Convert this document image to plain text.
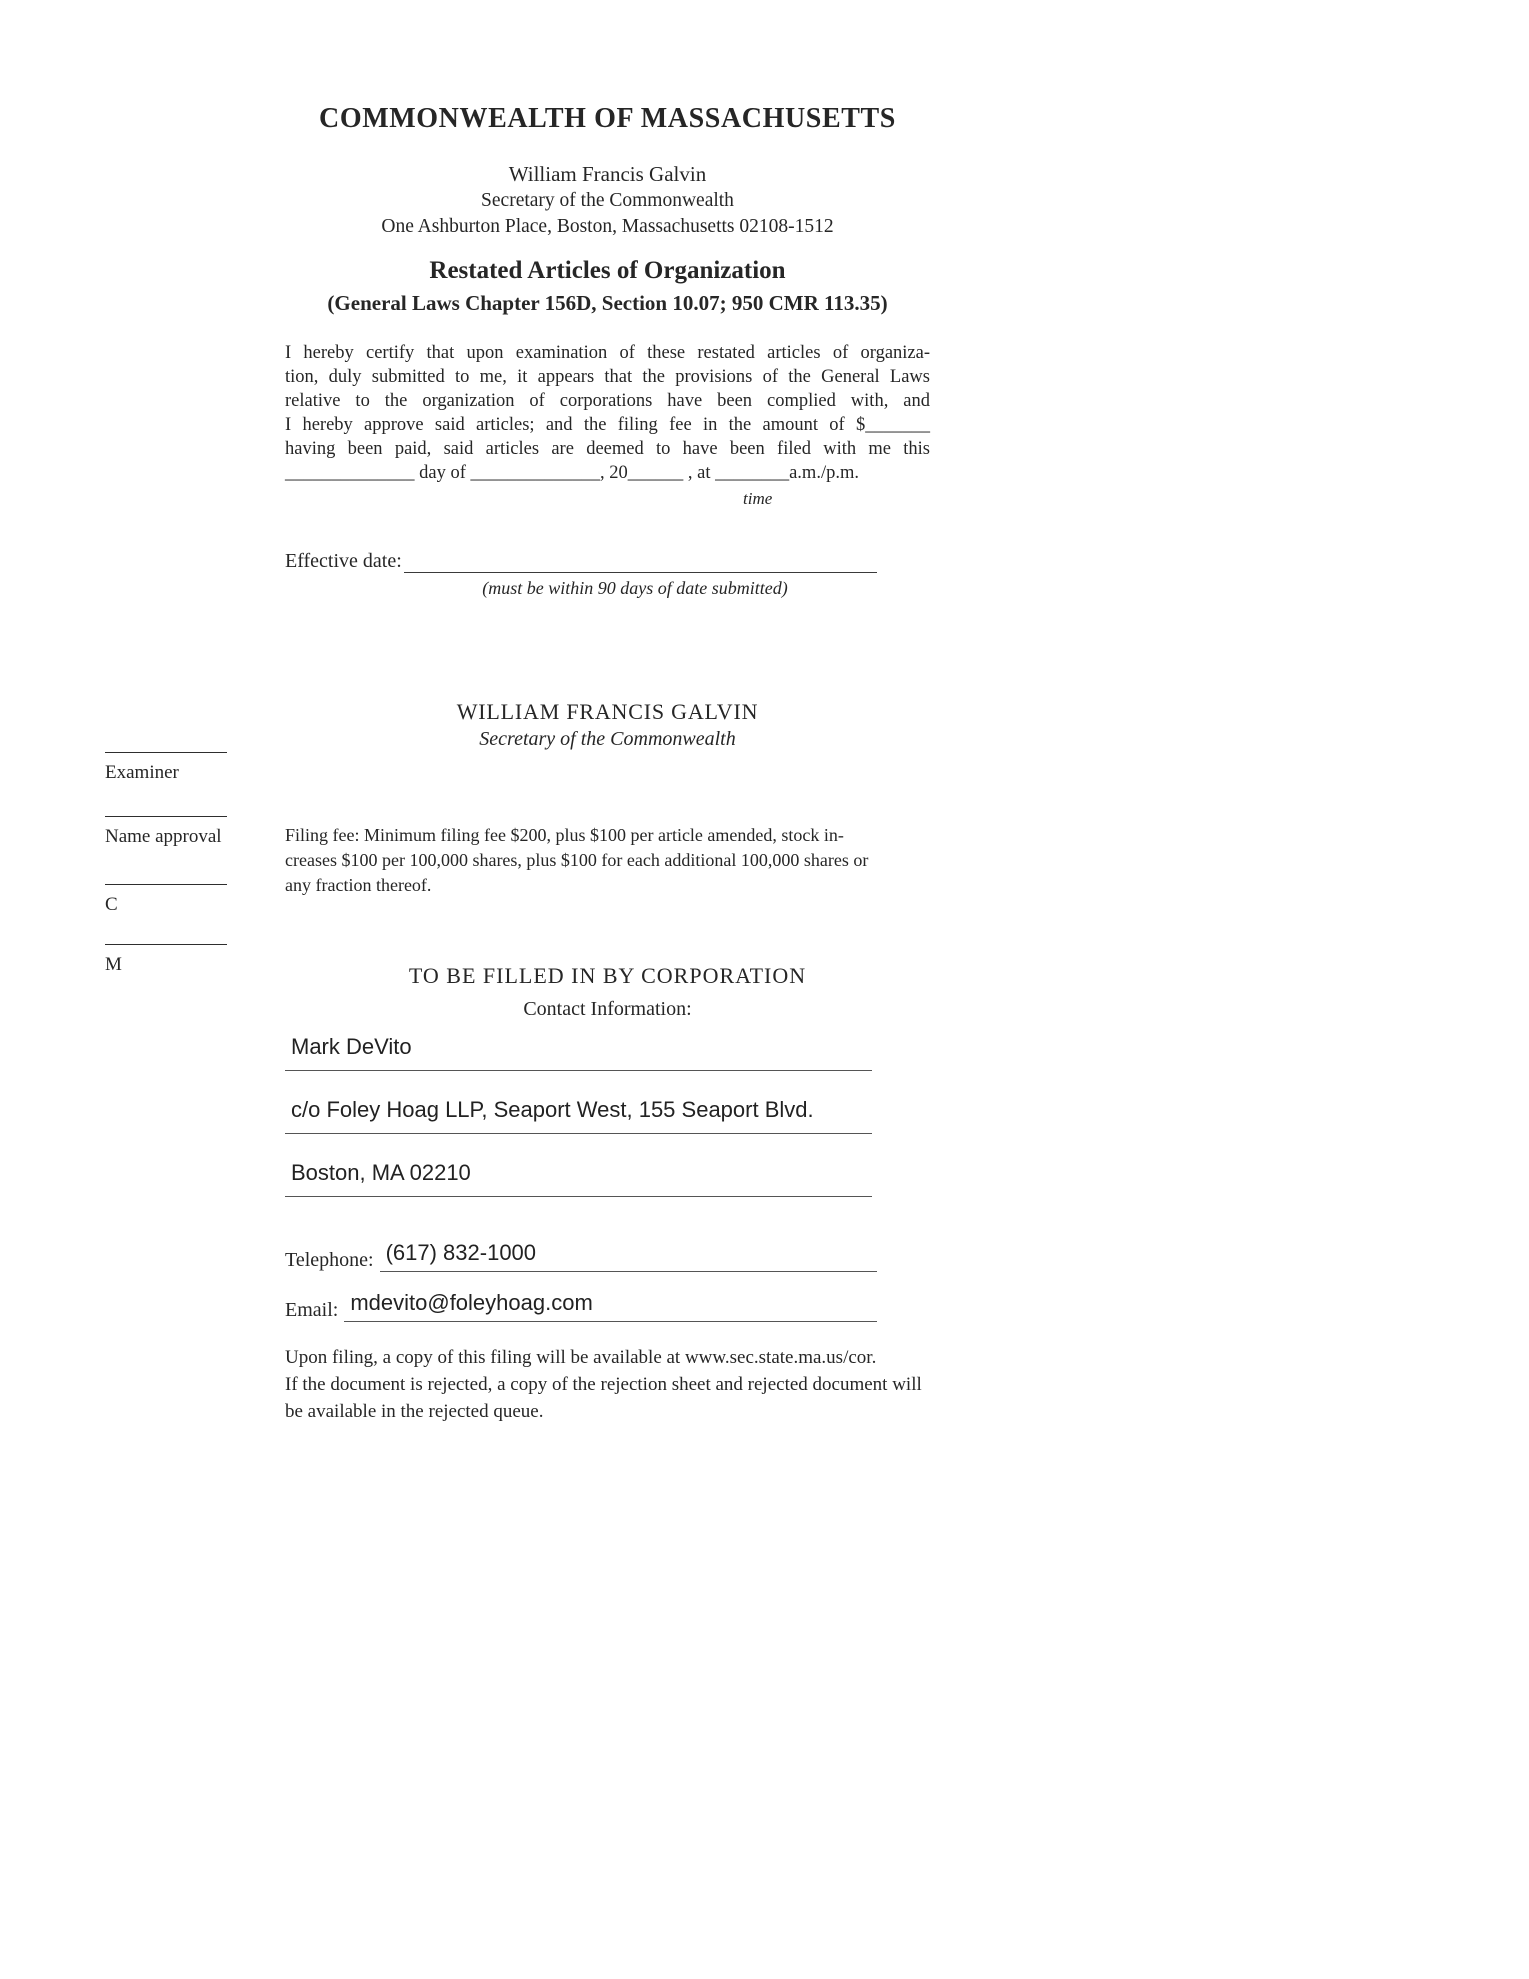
COMMONWEALTH OF MASSACHUSETTS
William Francis Galvin
Secretary of the Commonwealth
One Ashburton Place, Boston, Massachusetts 02108-1512
Restated Articles of Organization
(General Laws Chapter 156D, Section 10.07; 950 CMR 113.35)
I hereby certify that upon examination of these restated articles of organiza-
tion, duly submitted to me, it appears that the provisions of the General Laws
relative to the organization of corporations have been complied with, and
I hereby approve said articles; and the filing fee in the amount of $_______
having been paid, said articles are deemed to have been filed with me this
______________ day of ______________, 20______ , at ________a.m./p.m.
time
Effective date:
(must be within 90 days of date submitted)
WILLIAM FRANCIS GALVIN
Secretary of the Commonwealth
Examiner
Name approval
C
M
Filing fee: Minimum filing fee $200, plus $100 per article amended, stock in-
creases $100 per 100,000 shares, plus $100 for each additional 100,000 shares or
any fraction thereof.
TO BE FILLED IN BY CORPORATION
Contact Information:
Mark DeVito
c/o Foley Hoag LLP, Seaport West, 155 Seaport Blvd.
Boston, MA 02210
Telephone: (617) 832-1000
Email: mdevito@foleyhoag.com
Upon filing, a copy of this filing will be available at www.sec.state.ma.us/cor.
If the document is rejected, a copy of the rejection sheet and rejected document will
be available in the rejected queue.
